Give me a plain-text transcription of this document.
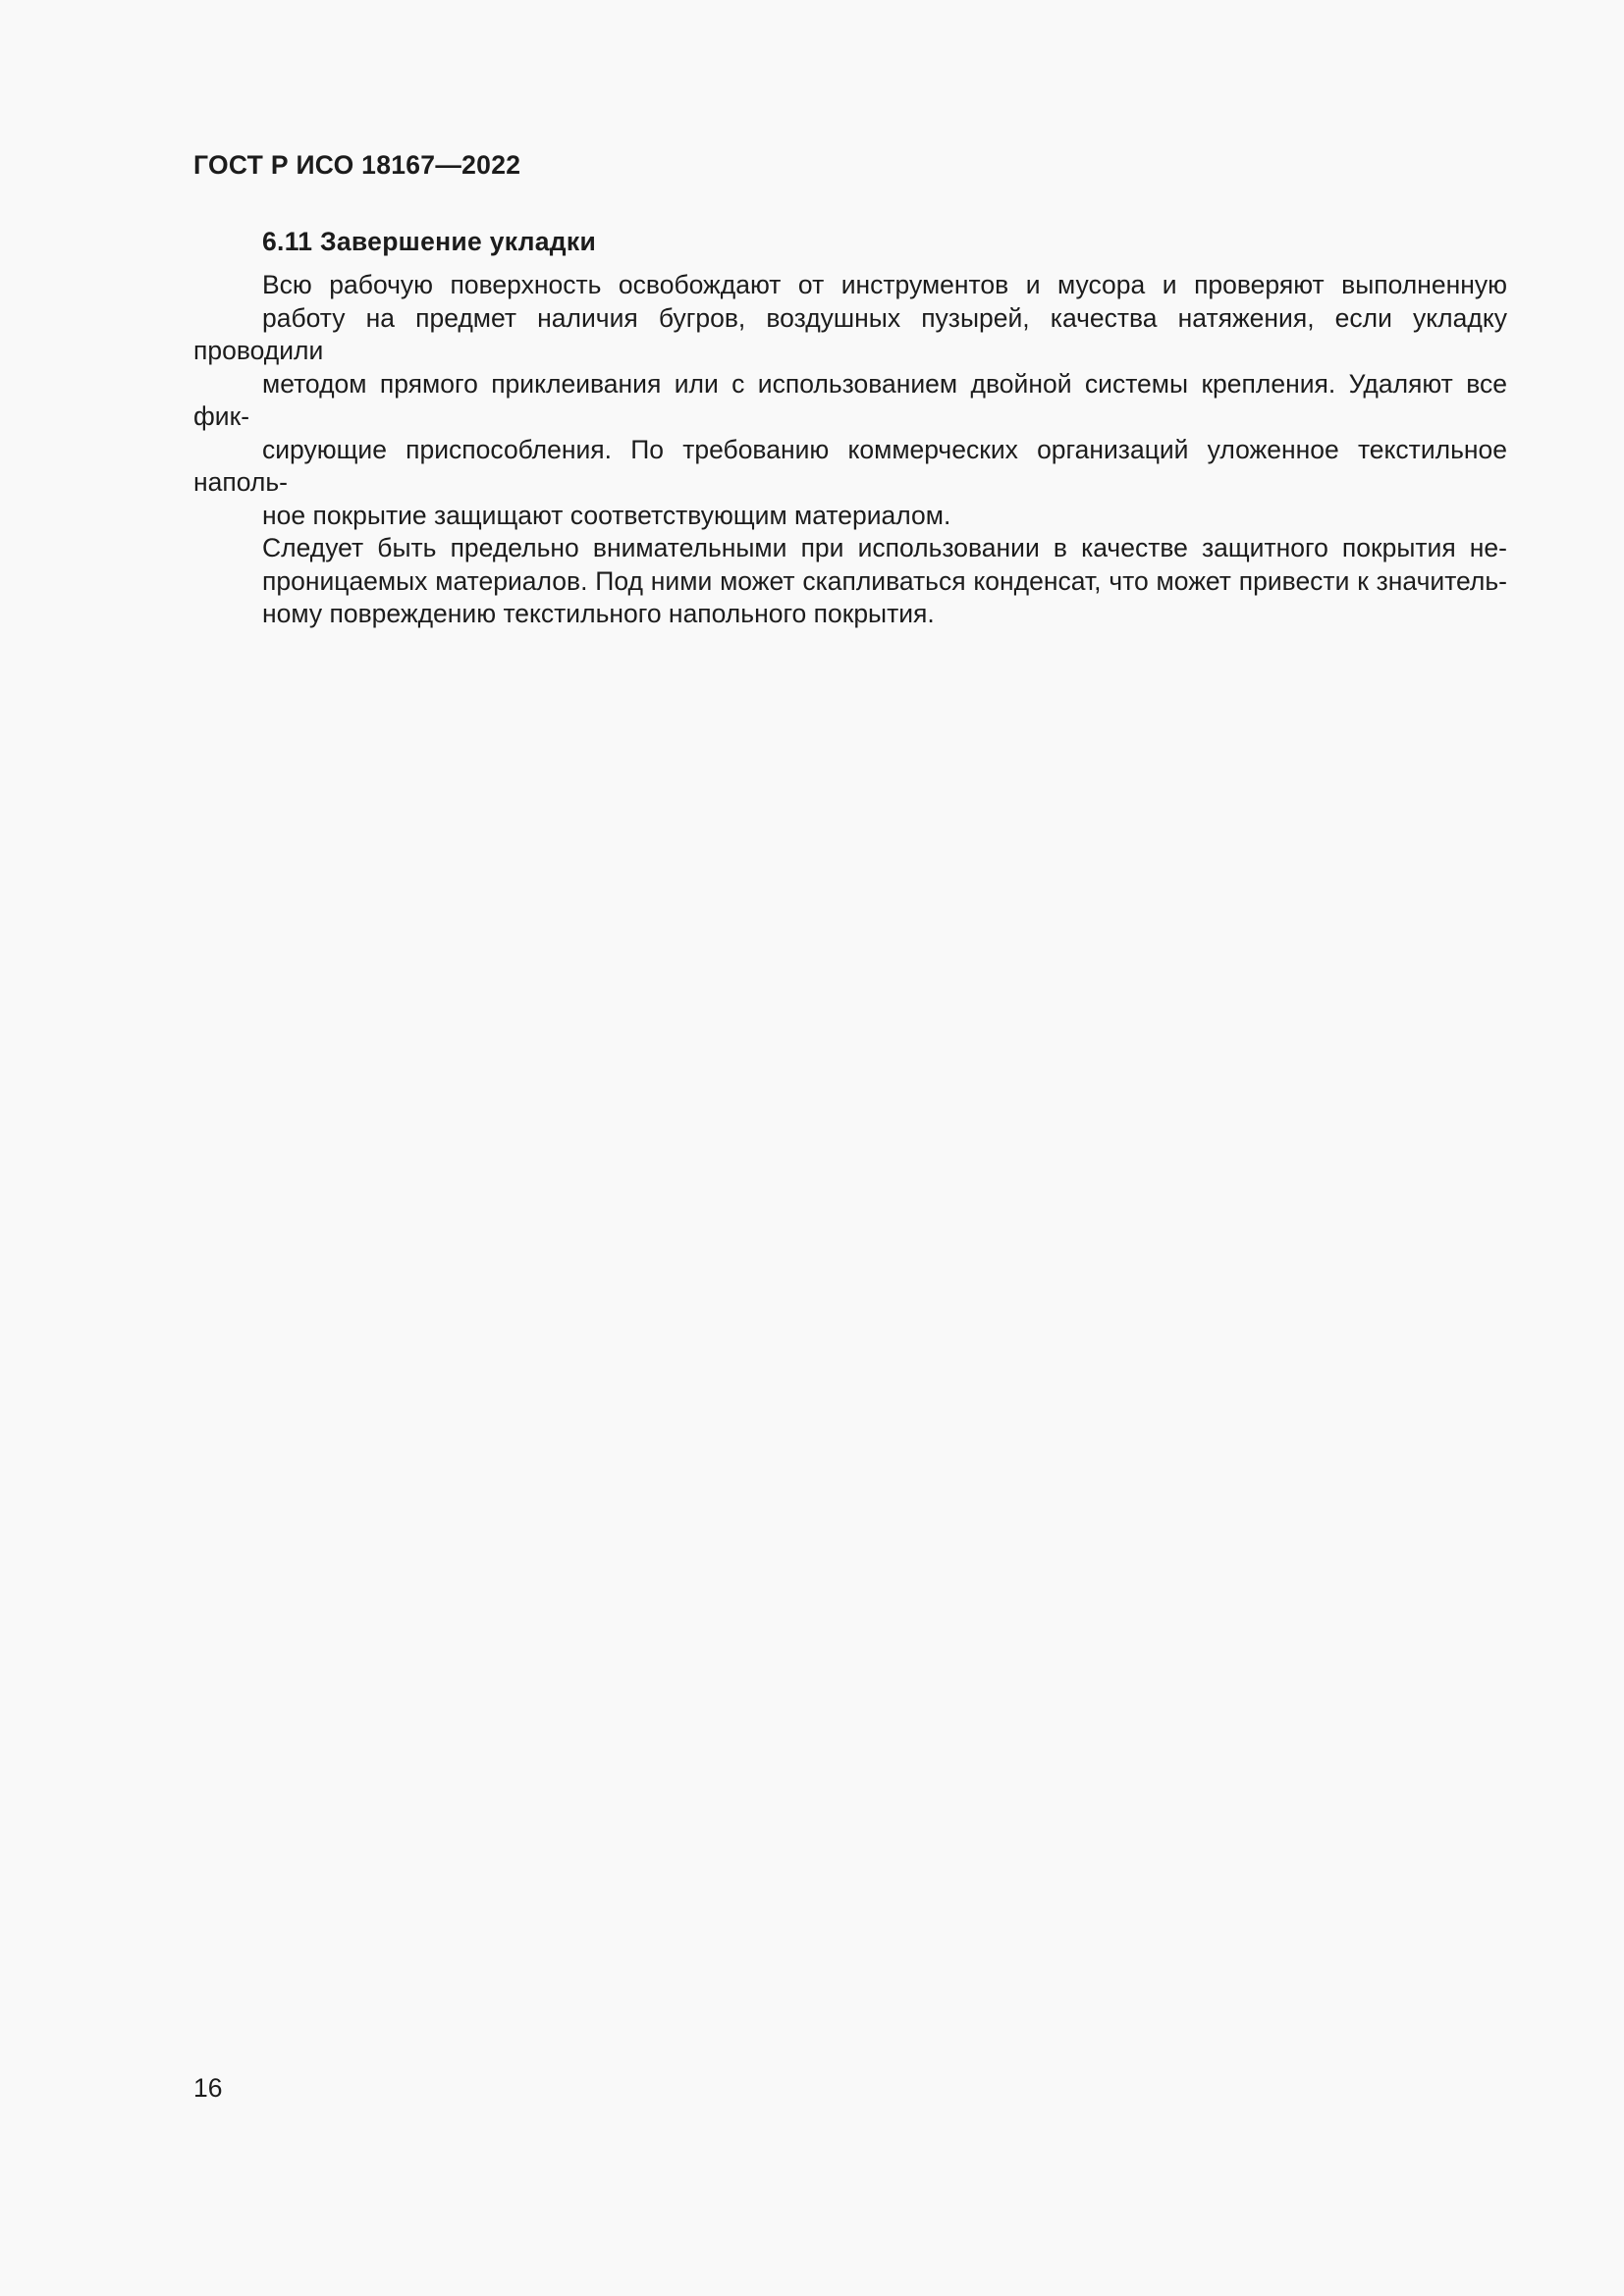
ГОСТ Р ИСО 18167—2022
6.11 Завершение укладки

Всю рабочую поверхность освобождают от инструментов и мусора и проверяют выполненную
работу на предмет наличия бугров, воздушных пузырей, качества натяжения, если укладку проводили
методом прямого приклеивания или с использованием двойной системы крепления. Удаляют все фик-
сирующие приспособления. По требованию коммерческих организаций уложенное текстильное наполь-
ное покрытие защищают соответствующим материалом.

Следует быть предельно внимательными при использовании в качестве защитного покрытия не-
проницаемых материалов. Под ними может скапливаться конденсат, что может привести к значитель-
ному повреждению текстильного напольного покрытия.

16
